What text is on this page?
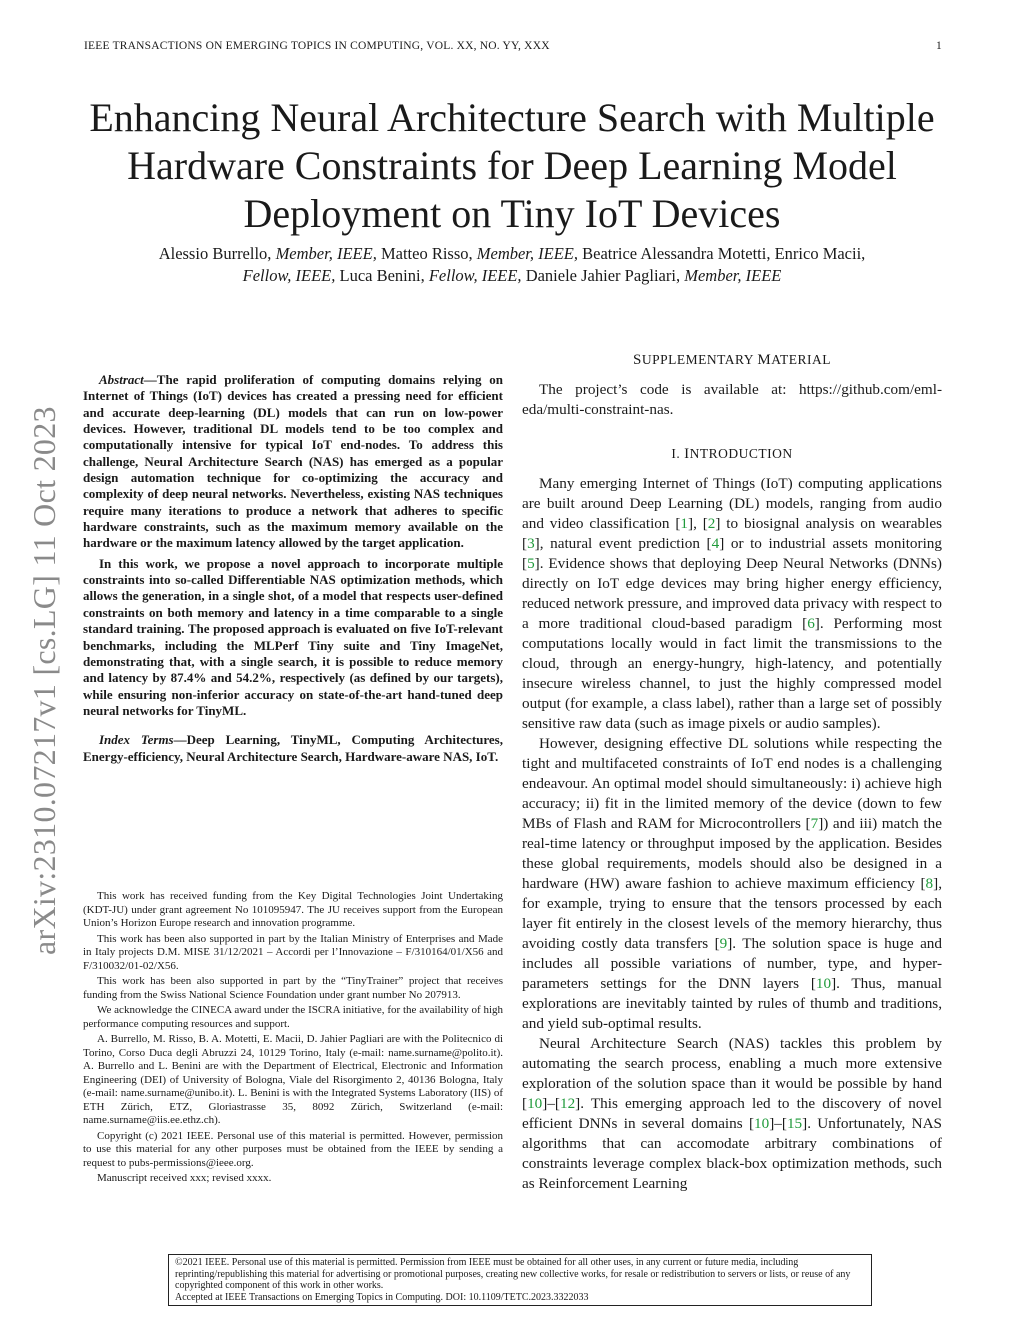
IEEE TRANSACTIONS ON EMERGING TOPICS IN COMPUTING, VOL. XX, NO. YY, XXX	1
Enhancing Neural Architecture Search with Multiple Hardware Constraints for Deep Learning Model Deployment on Tiny IoT Devices
Alessio Burrello, Member, IEEE, Matteo Risso, Member, IEEE, Beatrice Alessandra Motetti, Enrico Macii,
Fellow, IEEE, Luca Benini, Fellow, IEEE, Daniele Jahier Pagliari, Member, IEEE
arXiv:2310.07217v1 [cs.LG] 11 Oct 2023

Abstract—The rapid proliferation of computing domains relying on Internet of Things (IoT) devices has created a pressing need for efficient and accurate deep-learning (DL) models that can run on low-power devices. However, traditional DL models tend to be too complex and computationally intensive for typical IoT end-nodes. To address this challenge, Neural Architecture Search (NAS) has emerged as a popular design automation technique for co-optimizing the accuracy and complexity of deep neural networks. Nevertheless, existing NAS techniques require many iterations to produce a network that adheres to specific hardware constraints, such as the maximum memory available on the hardware or the maximum latency allowed by the target application.

In this work, we propose a novel approach to incorporate multiple constraints into so-called Differentiable NAS optimization methods, which allows the generation, in a single shot, of a model that respects user-defined constraints on both memory and latency in a time comparable to a single standard training. The proposed approach is evaluated on five IoT-relevant benchmarks, including the MLPerf Tiny suite and Tiny ImageNet, demonstrating that, with a single search, it is possible to reduce memory and latency by 87.4% and 54.2%, respectively (as defined by our targets), while ensuring non-inferior accuracy on state-of-the-art hand-tuned deep neural networks for TinyML.

Index Terms—Deep Learning, TinyML, Computing Architectures, Energy-efficiency, Neural Architecture Search, Hardware-aware NAS, IoT.

This work has received funding from the Key Digital Technologies Joint Undertaking (KDT-JU) under grant agreement No 101095947. The JU receives support from the European Union’s Horizon Europe research and innovation programme.

This work has been also supported in part by the Italian Ministry of Enterprises and Made in Italy projects D.M. MISE 31/12/2021 – Accordi per l’Innovazione – F/310164/01/X56 and F/310032/01-02/X56.

This work has been also supported in part by the “TinyTrainer” project that receives funding from the Swiss National Science Foundation under grant number No 207913.

We acknowledge the CINECA award under the ISCRA initiative, for the availability of high performance computing resources and support.

A. Burrello, M. Risso, B. A. Motetti, E. Macii, D. Jahier Pagliari are with the Politecnico di Torino, Corso Duca degli Abruzzi 24, 10129 Torino, Italy (e-mail: name.surname@polito.it). A. Burrello and L. Benini are with the Department of Electrical, Electronic and Information Engineering (DEI) of University of Bologna, Viale del Risorgimento 2, 40136 Bologna, Italy (e-mail: name.surname@unibo.it). L. Benini is with the Integrated Systems Laboratory (IIS) of ETH Zürich, ETZ, Gloriastrasse 35, 8092 Zürich, Switzerland (e-mail: name.surname@iis.ee.ethz.ch).

Copyright (c) 2021 IEEE. Personal use of this material is permitted. However, permission to use this material for any other purposes must be obtained from the IEEE by sending a request to pubs-permissions@ieee.org.

Manuscript received xxx; revised xxxx.

SUPPLEMENTARY MATERIAL

The project’s code is available at: https://github.com/eml-eda/multi-constraint-nas.

I. INTRODUCTION

Many emerging Internet of Things (IoT) computing applications are built around Deep Learning (DL) models, ranging from audio and video classification [1], [2] to biosignal analysis on wearables [3], natural event prediction [4] or to industrial assets monitoring [5]. Evidence shows that deploying Deep Neural Networks (DNNs) directly on IoT edge devices may bring higher energy efficiency, reduced network pressure, and improved data privacy with respect to a more traditional cloud-based paradigm [6]. Performing most computations locally would in fact limit the transmissions to the cloud, through an energy-hungry, high-latency, and potentially insecure wireless channel, to just the highly compressed model output (for example, a class label), rather than a large set of possibly sensitive raw data (such as image pixels or audio samples).

However, designing effective DL solutions while respecting the tight and multifaceted constraints of IoT end nodes is a challenging endeavour. An optimal model should simultaneously: i) achieve high accuracy; ii) fit in the limited memory of the device (down to few MBs of Flash and RAM for Microcontrollers [7]) and iii) match the real-time latency or throughput imposed by the application. Besides these global requirements, models should also be designed in a hardware (HW) aware fashion to achieve maximum efficiency [8], for example, trying to ensure that the tensors processed by each layer fit entirely in the closest levels of the memory hierarchy, thus avoiding costly data transfers [9]. The solution space is huge and includes all possible variations of number, type, and hyper-parameters settings for the DNN layers [10]. Thus, manual explorations are inevitably tainted by rules of thumb and traditions, and yield sub-optimal results.

Neural Architecture Search (NAS) tackles this problem by automating the search process, enabling a much more extensive exploration of the solution space than it would be possible by hand [10]–[12]. This emerging approach led to the discovery of novel efficient DNNs in several domains [10]–[15]. Unfortunately, NAS algorithms that can accomodate arbitrary combinations of constraints leverage complex black-box optimization methods, such as Reinforcement Learning

©2021 IEEE. Personal use of this material is permitted. Permission from IEEE must be obtained for all other uses, in any current or future media, including reprinting/republishing this material for advertising or promotional purposes, creating new collective works, for resale or redistribution to servers or lists, or reuse of any copyrighted component of this work in other works.
Accepted at IEEE Transactions on Emerging Topics in Computing. DOI: 10.1109/TETC.2023.3322033
